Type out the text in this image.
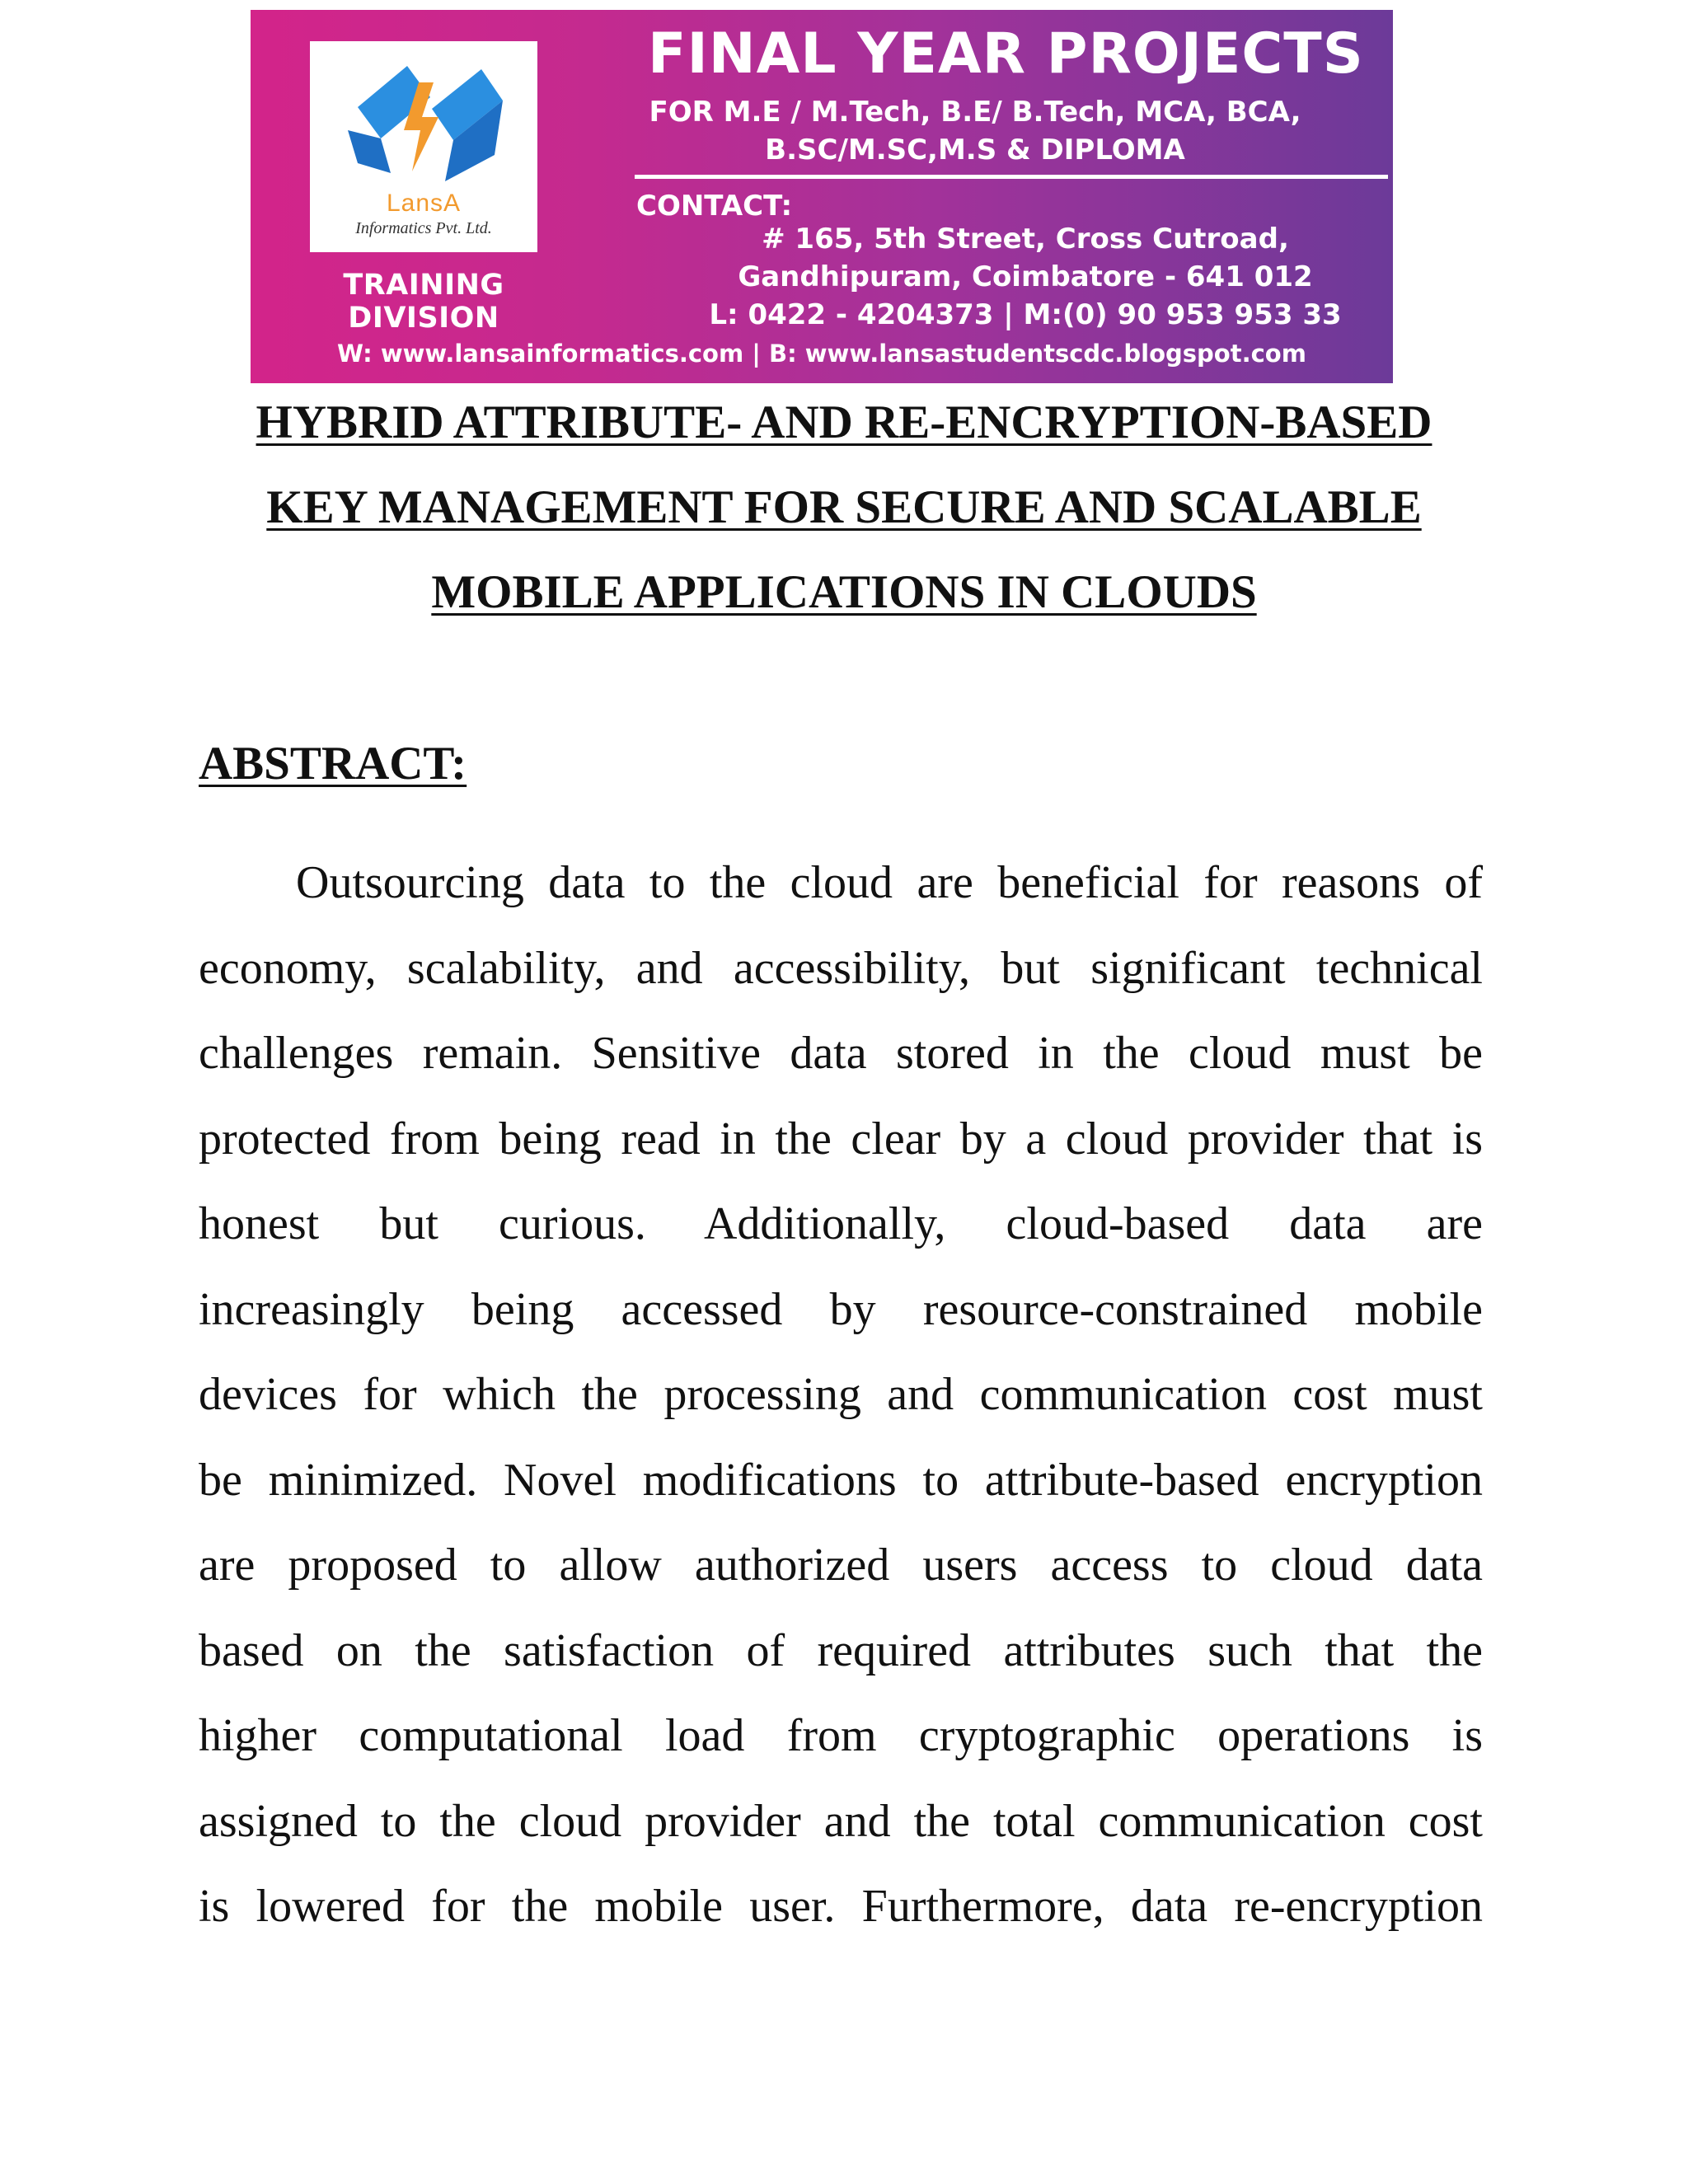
LansA
Informatics Pvt. Ltd.
TRAINING DIVISION
FINAL YEAR PROJECTS
FOR M.E / M.Tech, B.E/ B.Tech, MCA, BCA,
B.SC/M.SC,M.S & DIPLOMA
CONTACT:
# 165, 5th Street, Cross Cutroad,
Gandhipuram, Coimbatore - 641 012
L: 0422 - 4204373 | M:(0) 90 953 953 33
W: www.lansainformatics.com | B: www.lansastudentscdc.blogspot.com
HYBRID ATTRIBUTE- AND RE-ENCRYPTION-BASED
KEY MANAGEMENT FOR SECURE AND SCALABLE
MOBILE APPLICATIONS IN CLOUDS
ABSTRACT:
Outsourcing data to the cloud are beneficial for reasons of
economy, scalability, and accessibility, but significant technical
challenges remain. Sensitive data stored in the cloud must be
protected from being read in the clear by a cloud provider that is
honest but curious. Additionally, cloud-based data are
increasingly being accessed by resource-constrained mobile
devices for which the processing and communication cost must
be minimized. Novel modifications to attribute-based encryption
are proposed to allow authorized users access to cloud data
based on the satisfaction of required attributes such that the
higher computational load from cryptographic operations is
assigned to the cloud provider and the total communication cost
is lowered for the mobile user. Furthermore, data re-encryption
